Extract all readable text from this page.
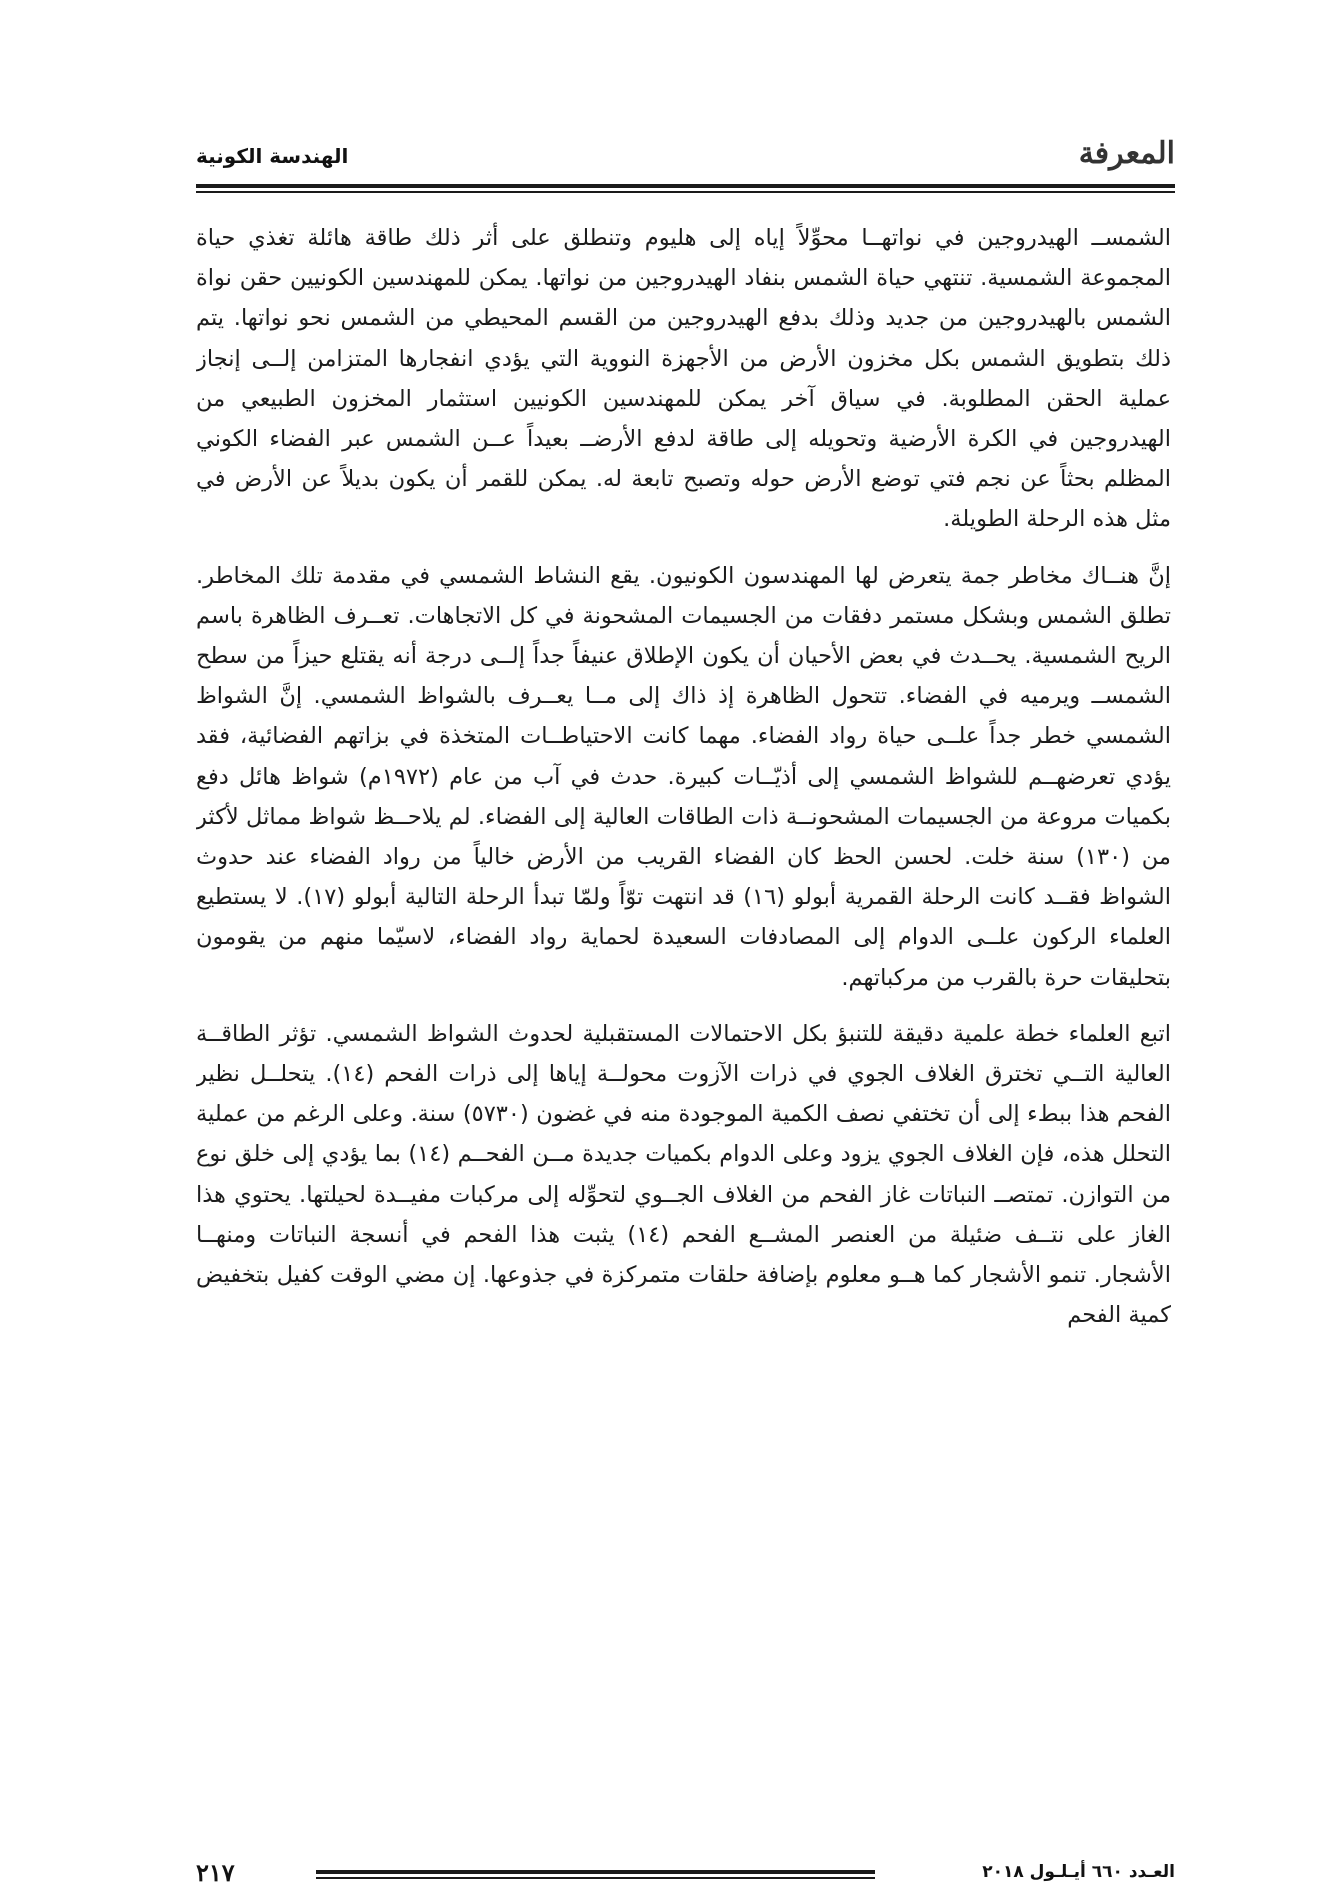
المعرفة
الهندسة الكونية

الشمســ الهيدروجين في نواتهــا محوِّلاً إياه إلى هليوم وتنطلق على أثر ذلك طاقة هائلة تغذي حياة المجموعة الشمسية. تنتهي حياة الشمس بنفاد الهيدروجين من نواتها. يمكن للمهندسين الكونيين حقن نواة الشمس بالهيدروجين من جديد وذلك بدفع الهيدروجين من القسم المحيطي من الشمس نحو نواتها. يتم ذلك بتطويق الشمس بكل مخزون الأرض من الأجهزة النووية التي يؤدي انفجارها المتزامن إلــى إنجاز عملية الحقن المطلوبة. في سياق آخر يمكن للمهندسين الكونيين استثمار المخزون الطبيعي من الهيدروجين في الكرة الأرضية وتحويله إلى طاقة لدفع الأرضــ بعيداً عــن الشمس عبر الفضاء الكوني المظلم بحثاً عن نجم فتي توضع الأرض حوله وتصبح تابعة له. يمكن للقمر أن يكون بديلاً عن الأرض في مثل هذه الرحلة الطويلة.

إنَّ هنــاك مخاطر جمة يتعرض لها المهندسون الكونيون. يقع النشاط الشمسي في مقدمة تلك المخاطر. تطلق الشمس وبشكل مستمر دفقات من الجسيمات المشحونة في كل الاتجاهات. تعــرف الظاهرة باسم الريح الشمسية. يحــدث في بعض الأحيان أن يكون الإطلاق عنيفاً جداً إلــى درجة أنه يقتلع حيزاً من سطح الشمســ ويرميه في الفضاء. تتحول الظاهرة إذ ذاك إلى مــا يعــرف بالشواظ الشمسي. إنَّ الشواظ الشمسي خطر جداً علــى حياة رواد الفضاء. مهما كانت الاحتياطــات المتخذة في بزاتهم الفضائية، فقد يؤدي تعرضهــم للشواظ الشمسي إلى أذيّــات كبيرة. حدث في آب من عام (١٩٧٢م) شواظ هائل دفع بكميات مروعة من الجسيمات المشحونــة ذات الطاقات العالية إلى الفضاء. لم يلاحــظ شواظ مماثل لأكثر من (١٣٠) سنة خلت. لحسن الحظ كان الفضاء القريب من الأرض خالياً من رواد الفضاء عند حدوث الشواظ فقــد كانت الرحلة القمرية أبولو (١٦) قد انتهت توّاً ولمّا تبدأ الرحلة التالية أبولو (١٧). لا يستطيع العلماء الركون علــى الدوام إلى المصادفات السعيدة لحماية رواد الفضاء، لاسيّما منهم من يقومون بتحليقات حرة بالقرب من مركباتهم.

اتبع العلماء خطة علمية دقيقة للتنبؤ بكل الاحتمالات المستقبلية لحدوث الشواظ الشمسي. تؤثر الطاقــة العالية التــي تخترق الغلاف الجوي في ذرات الآزوت محولــة إياها إلى ذرات الفحم (١٤). يتحلــل نظير الفحم هذا ببطء إلى أن تختفي نصف الكمية الموجودة منه في غضون (٥٧٣٠) سنة. وعلى الرغم من عملية التحلل هذه، فإن الغلاف الجوي يزود وعلى الدوام بكميات جديدة مــن الفحــم (١٤) بما يؤدي إلى خلق نوع من التوازن. تمتصــ النباتات غاز الفحم من الغلاف الجــوي لتحوِّله إلى مركبات مفيــدة لحيلتها. يحتوي هذا الغاز على نتــف ضئيلة من العنصر المشــع الفحم (١٤) يثبت هذا الفحم في أنسجة النباتات ومنهــا الأشجار. تنمو الأشجار كما هــو معلوم بإضافة حلقات متمركزة في جذوعها. إن مضي الوقت كفيل بتخفيض كمية الفحم

العـدد ٦٦٠ أيـلـول ٢٠١٨
٢١٧
